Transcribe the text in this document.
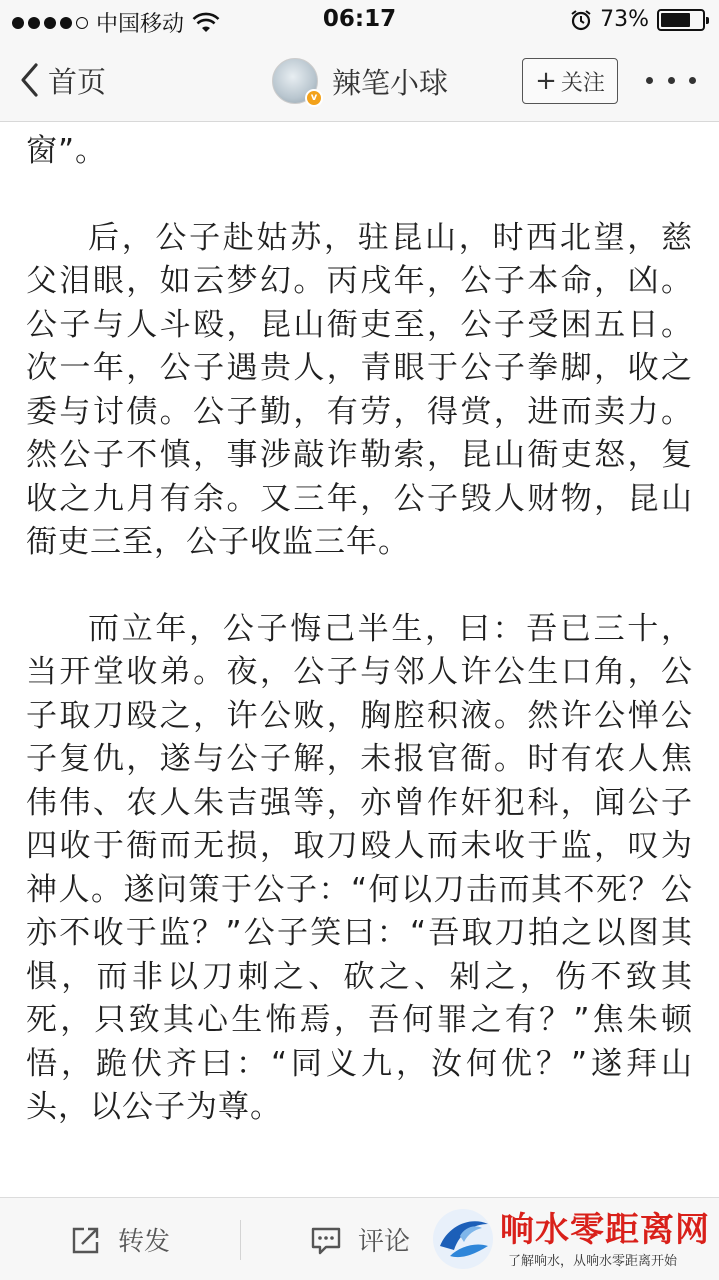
中国移动	06:17	73%
首页	v 辣笔小球	+ 关注

窗”。

后，公子赴姑苏，驻昆山，时西北望，慈父泪眼，如云梦幻。丙戌年，公子本命，凶。公子与人斗殴，昆山衙吏至，公子受困五日。次一年，公子遇贵人，青眼于公子拳脚，收之委与讨债。公子勤，有劳，得赏，进而卖力。然公子不慎，事涉敲诈勒索，昆山衙吏怒，复收之九月有余。又三年，公子毁人财物，昆山衙吏三至，公子收监三年。

而立年，公子悔己半生，曰：吾已三十，当开堂收弟。夜，公子与邻人许公生口角，公子取刀殴之，许公败，胸腔积液。然许公惮公子复仇，遂与公子解，未报官衙。时有农人焦伟伟、农人朱吉强等，亦曾作奸犯科，闻公子四收于衙而无损，取刀殴人而未收于监，叹为神人。遂问策于公子：“何以刀击而其不死？公亦不收于监？”公子笑曰：“吾取刀拍之以图其惧，而非以刀刺之、砍之、剁之，伤不致其死，只致其心生怖焉，吾何罪之有？”焦朱顿悟，跪伏齐曰：“同义九，汝何优？”遂拜山头，以公子为尊。

转发	评论	响水零距离网
了解响水，从响水零距离开始
